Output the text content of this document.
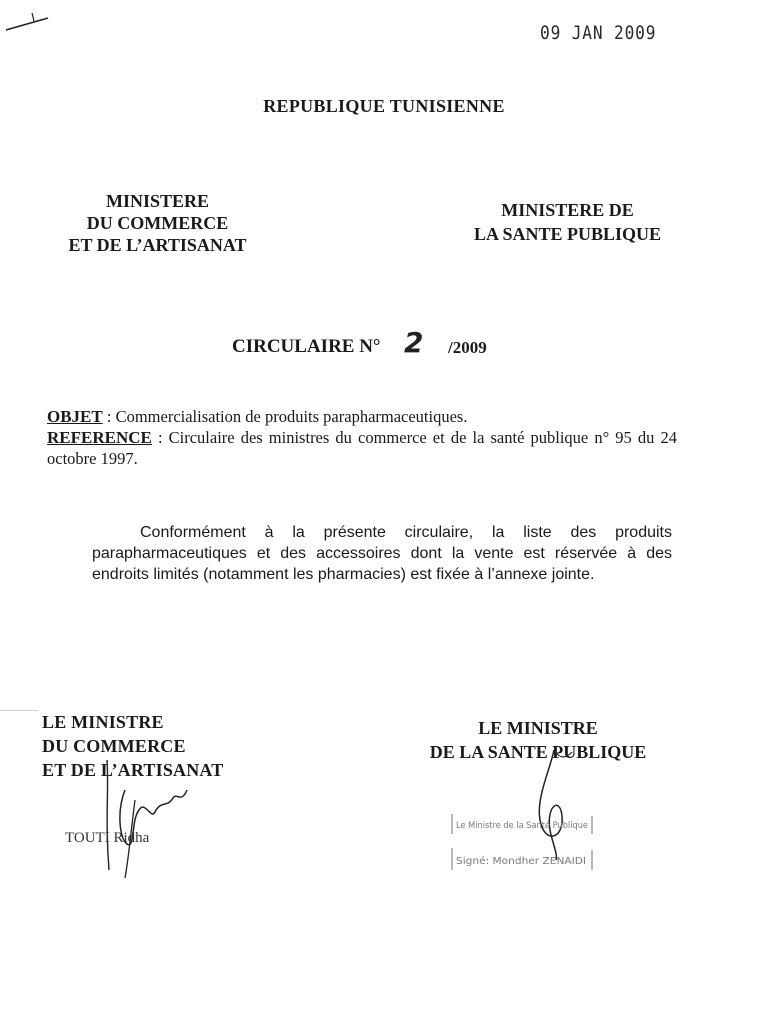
09 JAN 2009
REPUBLIQUE TUNISIENNE
MINISTERE
DU COMMERCE
ET DE L’ARTISANAT
MINISTERE DE
LA SANTE PUBLIQUE
CIRCULAIRE N° 2 /2009

OBJET : Commercialisation de produits parapharmaceutiques.

REFERENCE : Circulaire des ministres du commerce et de la santé publique n° 95 du 24 octobre 1997.

Conformément à la présente circulaire, la liste des produits parapharmaceutiques et des accessoires dont la vente est réservée à des endroits limités (notamment les pharmacies) est fixée à l’annexe jointe.
LE MINISTRE
DU COMMERCE
ET DE L’ARTISANAT
TOUTI Ridha
LE MINISTRE
DE LA SANTE PUBLIQUE
Le Ministre de la Santé Publique
Signé: Mondher ZENAIDI
